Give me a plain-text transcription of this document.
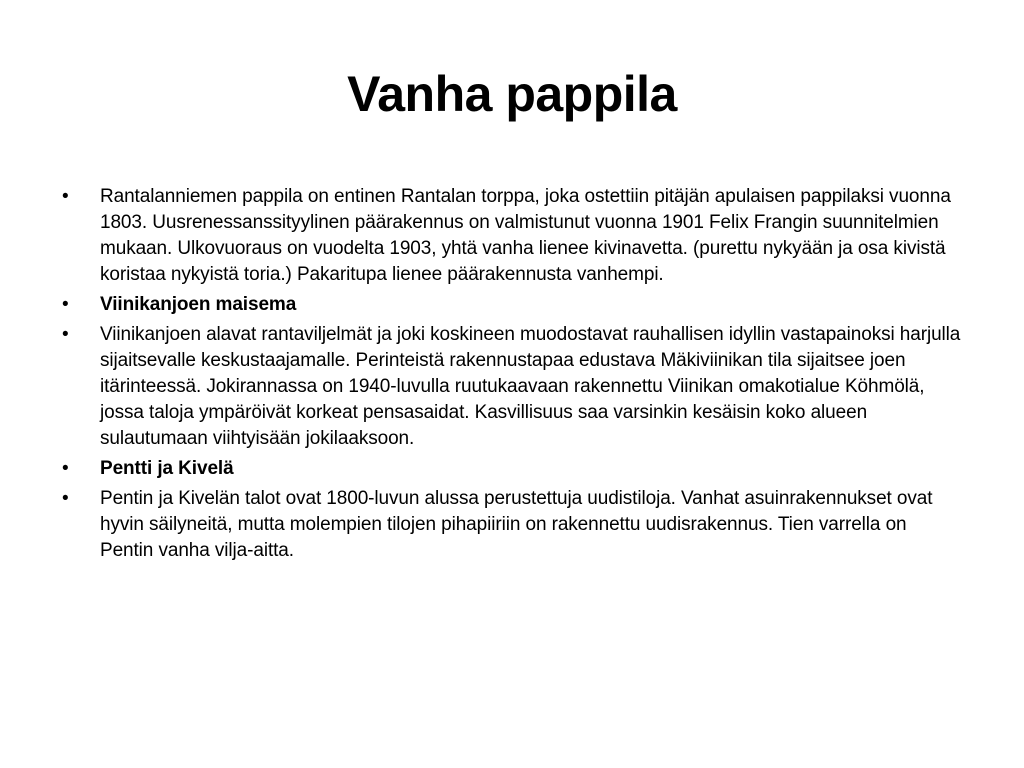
Vanha pappila
•	Rantalanniemen pappila on entinen Rantalan torppa, joka ostettiin pitäjän apulaisen pappilaksi vuonna 1803. Uusrenessanssityylinen päärakennus on valmistunut vuonna 1901 Felix Frangin suunnitelmien mukaan. Ulkovuoraus on vuodelta 1903, yhtä vanha lienee kivinavetta. (purettu nykyään ja osa kivistä koristaa nykyistä toria.) Pakaritupa lienee päärakennusta vanhempi.
•	Viinikanjoen maisema
•	Viinikanjoen alavat rantaviljelmät ja joki koskineen muodostavat rauhallisen idyllin vastapainoksi harjulla sijaitsevalle keskustaajamalle. Perinteistä rakennustapaa edustava Mäkiviinikan tila sijaitsee joen itärinteessä. Jokirannassa on 1940-luvulla ruutukaavaan rakennettu Viinikan omakotialue Köhmölä, jossa taloja ympäröivät korkeat pensasaidat. Kasvillisuus saa varsinkin kesäisin koko alueen sulautumaan viihtyisään jokilaaksoon.
•	Pentti ja Kivelä
•	Pentin ja Kivelän talot ovat 1800-luvun alussa perustettuja uudistiloja. Vanhat asuinrakennukset ovat hyvin säilyneitä, mutta molempien tilojen pihapiiriin on rakennettu uudisrakennus. Tien varrella on Pentin vanha vilja-aitta.
